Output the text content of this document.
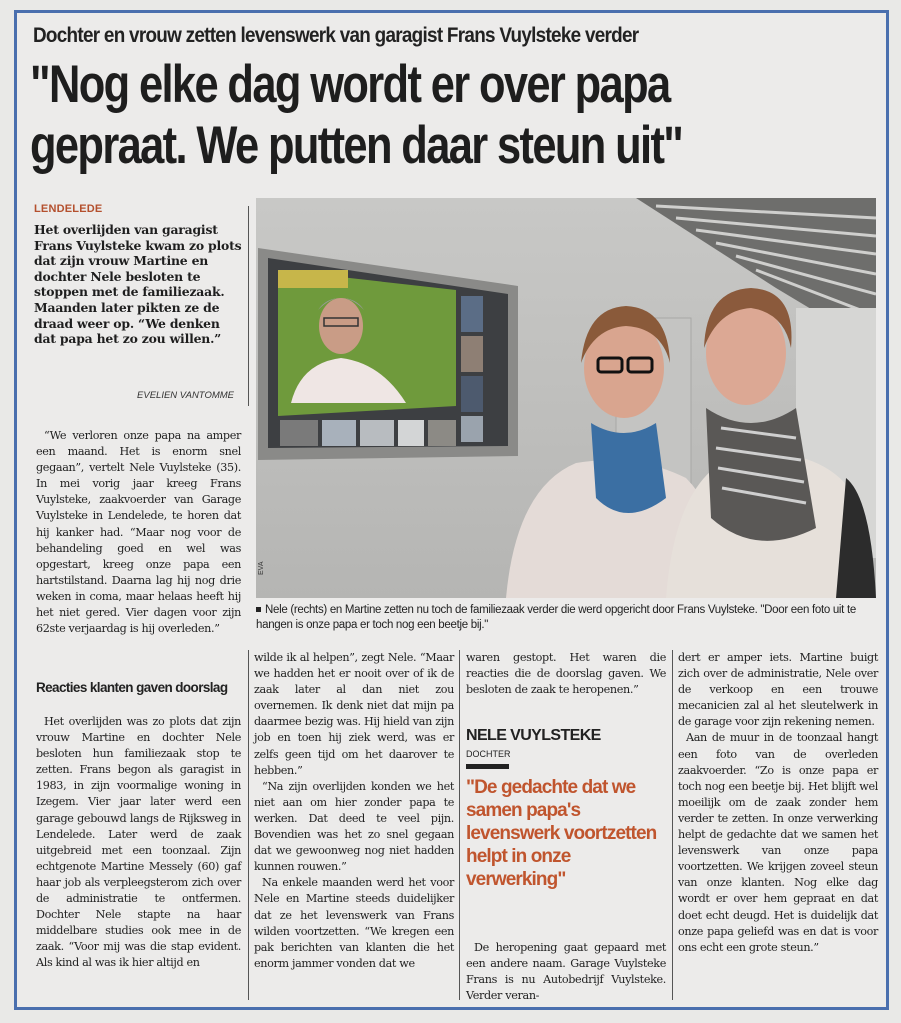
Dochter en vrouw zetten levenswerk van garagist Frans Vuylsteke verder
"Nog elke dag wordt er over papa
gepraat. We putten daar steun uit"
LENDELEDE
Het overlijden van garagist Frans Vuylsteke kwam zo plots dat zijn vrouw Martine en dochter Nele besloten te stoppen met de familiezaak. Maanden later pikten ze de draad weer op. “We denken dat papa het zo zou willen.”
EVELIEN VANTOMME

“We verloren onze papa na amper een maand. Het is enorm snel gegaan”, vertelt Nele Vuylsteke (35). In mei vorig jaar kreeg Frans Vuylsteke, zaakvoerder van Garage Vuylsteke in Lendelede, te horen dat hij kanker had. “Maar nog voor de behandeling goed en wel was opgestart, kreeg onze papa een hartstilstand. Daarna lag hij nog drie weken in coma, maar helaas heeft hij het niet gered. Vier dagen voor zijn 62ste verjaardag is hij overleden.”

Reacties klanten gaven doorslag

Het overlijden was zo plots dat zijn vrouw Martine en dochter Nele besloten hun familiezaak stop te zetten. Frans begon als garagist in 1983, in zijn voormalige woning in Izegem. Vier jaar later werd een garage gebouwd langs de Rijksweg in Lendelede. Later werd de zaak uitgebreid met een toonzaal. Zijn echtgenote Martine Messely (60) gaf haar job als verpleegsterom zich over de administratie te ontfermen. Dochter Nele stapte na haar middelbare studies ook mee in de zaak. “Voor mij was die stap evident. Als kind al was ik hier altijd en

EVA
Nele (rechts) en Martine zetten nu toch de familiezaak verder die werd opgericht door Frans Vuylsteke. "Door een foto uit te hangen is onze papa er toch nog een beetje bij."

wilde ik al helpen”, zegt Nele. “Maar we hadden het er nooit over of ik de zaak later al dan niet zou overnemen. Ik denk niet dat mijn pa daarmee bezig was. Hij hield van zijn job en toen hij ziek werd, was er zelfs geen tijd om het daarover te hebben.”

“Na zijn overlijden konden we het niet aan om hier zonder papa te werken. Dat deed te veel pijn. Bovendien was het zo snel gegaan dat we gewoonweg nog niet hadden kunnen rouwen.”

Na enkele maanden werd het voor Nele en Martine steeds duidelijker dat ze het levenswerk van Frans wilden voortzetten. “We kregen een pak berichten van klanten die het enorm jammer vonden dat we

waren gestopt. Het waren die reacties die de doorslag gaven. We besloten de zaak te heropenen.”

NELE VUYLSTEKE
DOCHTER
"De gedachte dat we samen papa's levenswerk voortzetten helpt in onze verwerking"

De heropening gaat gepaard met een andere naam. Garage Vuylsteke Frans is nu Autobedrijf Vuylsteke. Verder veran-

dert er amper iets. Martine buigt zich over de administratie, Nele over de verkoop en een trouwe mecanicien zal al het sleutelwerk in de garage voor zijn rekening nemen.

Aan de muur in de toonzaal hangt een foto van de overleden zaakvoerder. “Zo is onze papa er toch nog een beetje bij. Het blijft wel moeilijk om de zaak zonder hem verder te zetten. In onze verwerking helpt de gedachte dat we samen het levenswerk van onze papa voortzetten. We krijgen zoveel steun van onze klanten. Nog elke dag wordt er over hem gepraat en dat doet echt deugd. Het is duidelijk dat onze papa geliefd was en dat is voor ons echt een grote steun.”
